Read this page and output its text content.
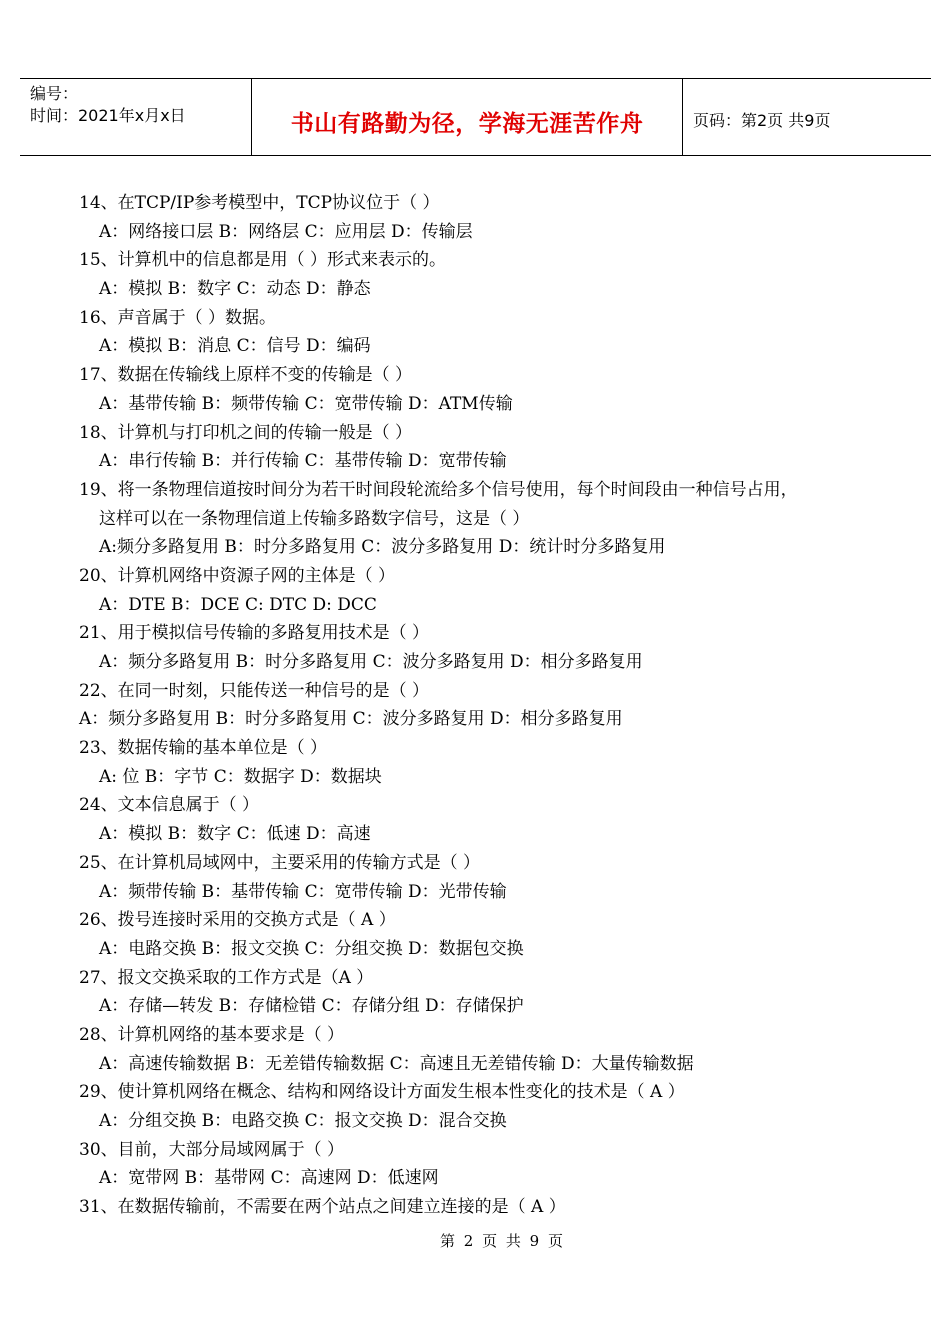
编号：
时间：2021年x月x日	书山有路勤为径，学海无涯苦作舟	页码：第2页 共9页
14、在TCP/IP参考模型中，TCP协议位于（ ）
A：网络接口层 B：网络层 C：应用层 D：传输层
15、计算机中的信息都是用（ ）形式来表示的。
A：模拟 B：数字 C：动态 D：静态
16、声音属于（ ）数据。
A：模拟 B：消息 C：信号 D：编码
17、数据在传输线上原样不变的传输是（ ）
A：基带传输 B：频带传输 C：宽带传输 D：ATM传输
18、计算机与打印机之间的传输一般是（ ）
A：串行传输 B：并行传输 C：基带传输 D：宽带传输
19、将一条物理信道按时间分为若干时间段轮流给多个信号使用，每个时间段由一种信号占用，
这样可以在一条物理信道上传输多路数字信号，这是（ ）
A:频分多路复用 B：时分多路复用 C：波分多路复用 D：统计时分多路复用
20、计算机网络中资源子网的主体是（ ）
A：DTE B：DCE C: DTC D: DCC
21、用于模拟信号传输的多路复用技术是（ ）
A：频分多路复用 B：时分多路复用 C：波分多路复用 D：相分多路复用
22、在同一时刻，只能传送一种信号的是（ ）
A：频分多路复用 B：时分多路复用 C：波分多路复用 D：相分多路复用
23、数据传输的基本单位是（ ）
A: 位 B：字节 C：数据字 D：数据块
24、文本信息属于（ ）
A：模拟 B：数字 C：低速 D：高速
25、在计算机局域网中，主要采用的传输方式是（ ）
A：频带传输 B：基带传输 C：宽带传输 D：光带传输
26、拨号连接时采用的交换方式是（ A ）
A：电路交换 B：报文交换 C：分组交换 D：数据包交换
27、报文交换采取的工作方式是（A ）
A：存储—转发 B：存储检错 C：存储分组 D：存储保护
28、计算机网络的基本要求是（ ）
A：高速传输数据 B：无差错传输数据 C：高速且无差错传输 D：大量传输数据
29、使计算机网络在概念、结构和网络设计方面发生根本性变化的技术是（ A ）
A：分组交换 B：电路交换 C：报文交换 D：混合交换
30、目前，大部分局域网属于（ ）
A：宽带网 B：基带网 C：高速网 D：低速网
31、在数据传输前，不需要在两个站点之间建立连接的是（ A ）
第 2 页 共 9 页
